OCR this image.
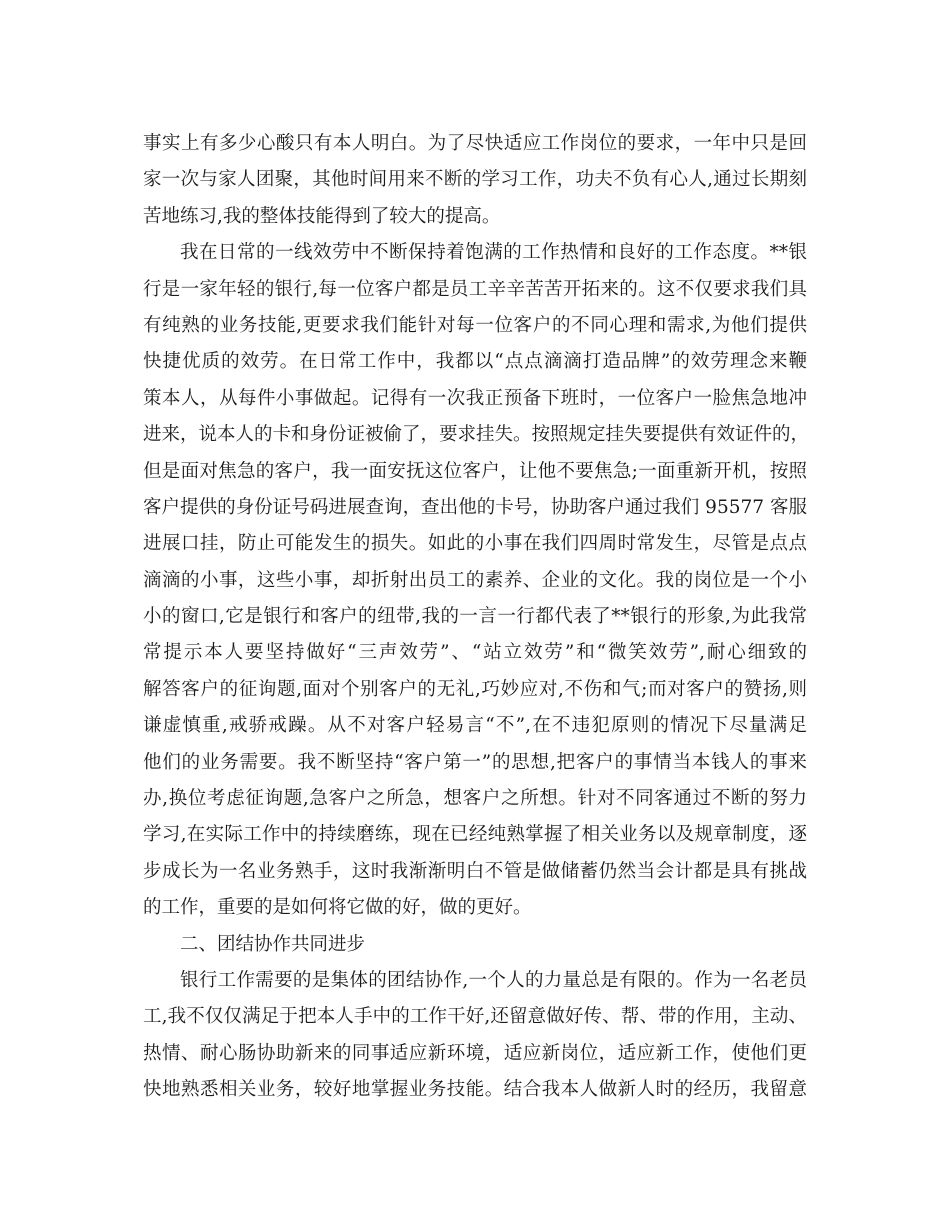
事实上有多少心酸只有本人明白。为了尽快适应工作岗位的要求，一年中只是回
家一次与家人团聚，其他时间用来不断的学习工作，功夫不负有心人,通过长期刻
苦地练习,我的整体技能得到了较大的提高。
我在日常的一线效劳中不断保持着饱满的工作热情和良好的工作态度。**银
行是一家年轻的银行,每一位客户都是员工辛辛苦苦开拓来的。这不仅要求我们具
有纯熟的业务技能,更要求我们能针对每一位客户的不同心理和需求,为他们提供
快捷优质的效劳。在日常工作中，我都以“点点滴滴打造品牌”的效劳理念来鞭
策本人，从每件小事做起。记得有一次我正预备下班时，一位客户一脸焦急地冲
进来，说本人的卡和身份证被偷了，要求挂失。按照规定挂失要提供有效证件的，
但是面对焦急的客户，我一面安抚这位客户，让他不要焦急;一面重新开机，按照
客户提供的身份证号码进展查询，查出他的卡号，协助客户通过我们 95577 客服
进展口挂，防止可能发生的损失。如此的小事在我们四周时常发生，尽管是点点
滴滴的小事，这些小事，却折射出员工的素养、企业的文化。我的岗位是一个小
小的窗口,它是银行和客户的纽带,我的一言一行都代表了**银行的形象,为此我常
常提示本人要坚持做好“三声效劳”、“站立效劳”和“微笑效劳”,耐心细致的
解答客户的征询题,面对个别客户的无礼,巧妙应对,不伤和气;而对客户的赞扬,则
谦虚慎重,戒骄戒躁。从不对客户轻易言“不”,在不违犯原则的情况下尽量满足
他们的业务需要。我不断坚持“客户第一”的思想,把客户的事情当本钱人的事来
办,换位考虑征询题,急客户之所急，想客户之所想。针对不同客通过不断的努力
学习,在实际工作中的持续磨练，现在已经纯熟掌握了相关业务以及规章制度，逐
步成长为一名业务熟手，这时我渐渐明白不管是做储蓄仍然当会计都是具有挑战
的工作，重要的是如何将它做的好，做的更好。
二、团结协作共同进步
银行工作需要的是集体的团结协作,一个人的力量总是有限的。作为一名老员
工,我不仅仅满足于把本人手中的工作干好,还留意做好传、帮、带的作用，主动、
热情、耐心肠协助新来的同事适应新环境，适应新岗位，适应新工作，使他们更
快地熟悉相关业务，较好地掌握业务技能。结合我本人做新人时的经历，我留意
